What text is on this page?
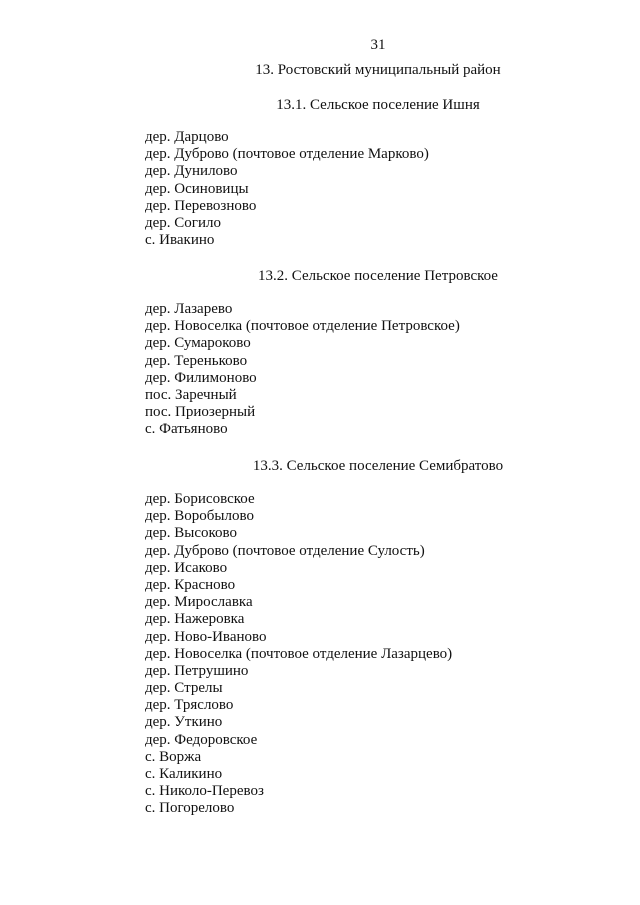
31
13. Ростовский муниципальный район
13.1. Сельское поселение Ишня
дер. Дарцово
дер. Дуброво (почтовое отделение Марково)
дер. Дунилово
дер. Осиновицы
дер. Перевозново
дер. Согило
с. Ивакино
13.2. Сельское поселение Петровское
дер. Лазарево
дер. Новоселка (почтовое отделение Петровское)
дер. Сумароково
дер. Тереньково
дер. Филимоново
пос. Заречный
пос. Приозерный
с. Фатьяново
13.3. Сельское поселение Семибратово
дер. Борисовское
дер. Воробылово
дер. Высоково
дер. Дуброво (почтовое отделение Сулость)
дер. Исаково
дер. Красново
дер. Мирославка
дер. Нажеровка
дер. Ново-Иваново
дер. Новоселка (почтовое отделение Лазарцево)
дер. Петрушино
дер. Стрелы
дер. Тряслово
дер. Уткино
дер. Федоровское
с. Воржа
с. Каликино
с. Николо-Перевоз
с. Погорелово
